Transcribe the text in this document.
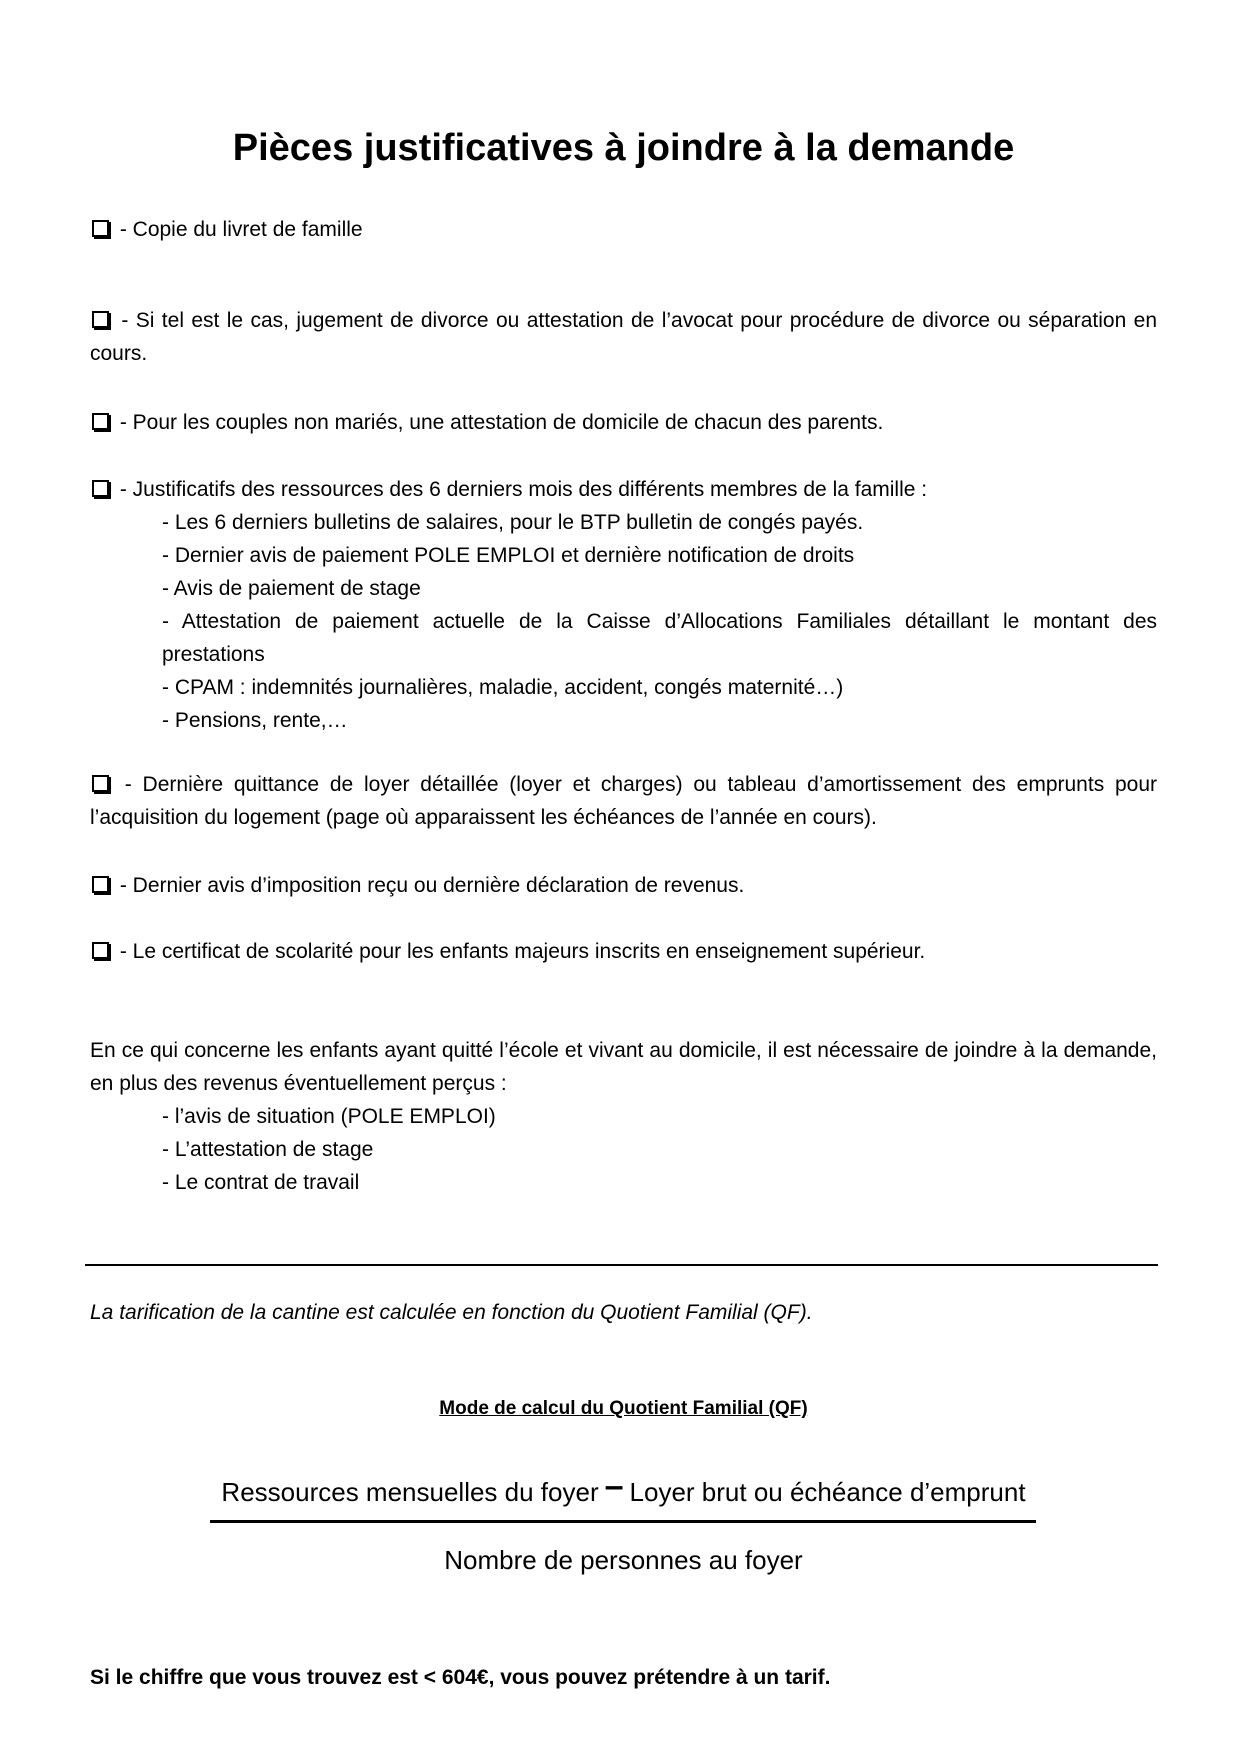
Pièces justificatives à joindre à la demande
- Copie du livret de famille
- Si tel est le cas, jugement de divorce ou attestation de l’avocat pour procédure de divorce ou séparation en cours.
- Pour les couples non mariés, une attestation de domicile de chacun des parents.
- Justificatifs des ressources des 6 derniers mois des différents membres de la famille :
- Les 6 derniers bulletins de salaires, pour le BTP bulletin de congés payés.
- Dernier avis de paiement POLE EMPLOI et dernière notification de droits
- Avis de paiement de stage
- Attestation de paiement actuelle de la Caisse d’Allocations Familiales détaillant le montant des prestations
- CPAM : indemnités journalières, maladie, accident, congés maternité…)
- Pensions, rente,…
- Dernière quittance de loyer détaillée (loyer et charges) ou tableau d’amortissement des emprunts pour l’acquisition du logement (page où apparaissent les échéances de l’année en cours).
- Dernier avis d’imposition reçu ou dernière déclaration de revenus.
- Le certificat de scolarité pour les enfants majeurs inscrits en enseignement supérieur.

En ce qui concerne les enfants ayant quitté l’école et vivant au domicile, il est nécessaire de joindre à la demande, en plus des revenus éventuellement perçus :

- l’avis de situation (POLE EMPLOI)
- L’attestation de stage
- Le contrat de travail

La tarification de la cantine est calculée en fonction du Quotient Familial (QF).

Mode de calcul du Quotient Familial (QF)

Ressources mensuelles du foyer – Loyer brut ou échéance d’emprunt

Nombre de personnes au foyer

Si le chiffre que vous trouvez est < 604€, vous pouvez prétendre à un tarif.
